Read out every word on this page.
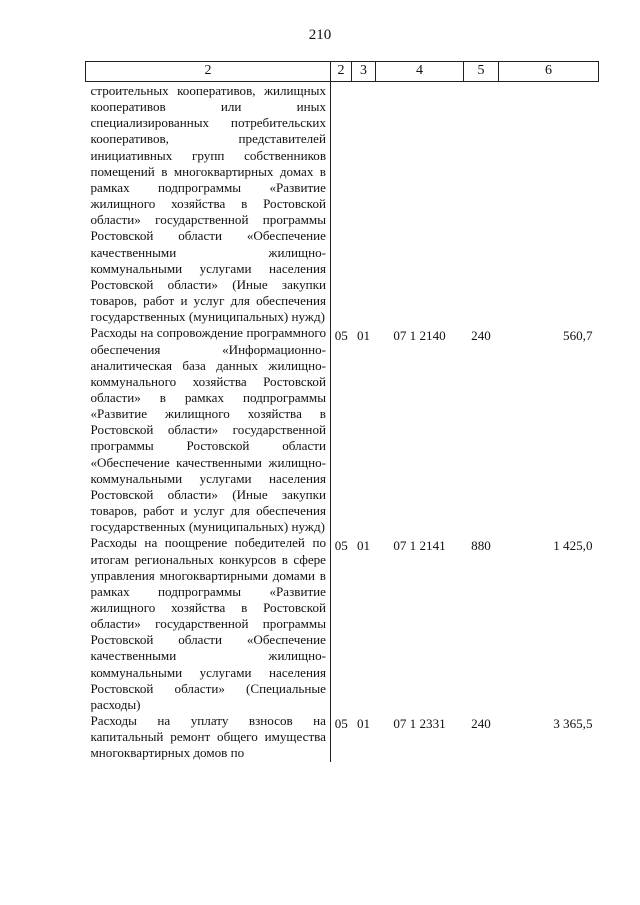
210
2	2	3	4	5	6
строительных кооперативов, жилищных кооперативов или иных специализированных потребительских кооперативов, представителей инициативных групп собственников помещений в многоквартирных домах в рамках подпрограммы «Развитие жилищного хозяйства в Ростовской области» государственной программы Ростовской области «Обеспечение качественными жилищно-коммунальными услугами населения Ростовской области» (Иные закупки товаров, работ и услуг для обеспечения государственных (муниципальных) нужд)					
Расходы на сопровождение программного обеспечения «Информационно-аналитическая база данных жилищно-коммунального хозяйства Ростовской области» в рамках подпрограммы «Развитие жилищного хозяйства в Ростовской области» государственной программы Ростовской области «Обеспечение качественными жилищно-коммунальными услугами населения Ростовской области» (Иные закупки товаров, работ и услуг для обеспечения государственных (муниципальных) нужд)	05	01	07 1 2140	240	560,7
Расходы на поощрение победителей по итогам региональных конкурсов в сфере управления многоквартирными домами в рамках подпрограммы «Развитие жилищного хозяйства в Ростовской области» государственной программы Ростовской области «Обеспечение качественными жилищно-коммунальными услугами населения Ростовской области» (Специальные расходы)	05	01	07 1 2141	880	1 425,0
Расходы на уплату взносов на капитальный ремонт общего имущества многоквартирных домов по	05	01	07 1 2331	240	3 365,5
